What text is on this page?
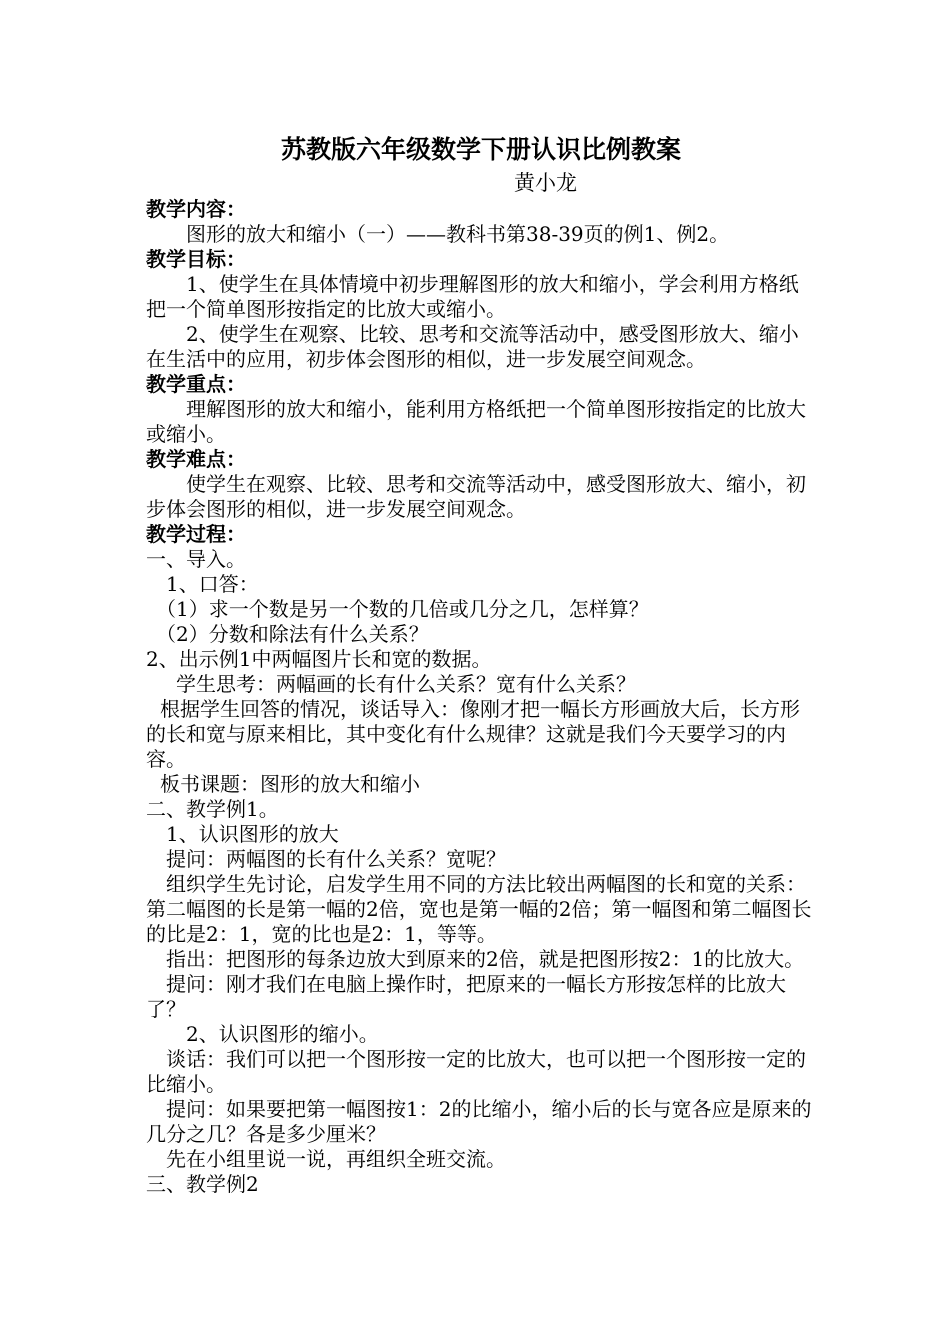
苏教版六年级数学下册认识比例教案
黄小龙
教学内容：
图形的放大和缩小（一）——教科书第38-39页的例1、例2。
教学目标：
1、使学生在具体情境中初步理解图形的放大和缩小，学会利用方格纸把一个简单图形按指定的比放大或缩小。
2、使学生在观察、比较、思考和交流等活动中，感受图形放大、缩小在生活中的应用，初步体会图形的相似，进一步发展空间观念。
教学重点：
理解图形的放大和缩小，能利用方格纸把一个简单图形按指定的比放大或缩小。
教学难点：
使学生在观察、比较、思考和交流等活动中，感受图形放大、缩小，初步体会图形的相似，进一步发展空间观念。
教学过程：
一、导入。
1、口答：
（1）求一个数是另一个数的几倍或几分之几，怎样算？
（2）分数和除法有什么关系？
2、出示例1中两幅图片长和宽的数据。
学生思考：两幅画的长有什么关系？宽有什么关系？
根据学生回答的情况，谈话导入：像刚才把一幅长方形画放大后，长方形的长和宽与原来相比，其中变化有什么规律？这就是我们今天要学习的内容。
板书课题：图形的放大和缩小
二、教学例1。
1、认识图形的放大
提问：两幅图的长有什么关系？宽呢？
组织学生先讨论，启发学生用不同的方法比较出两幅图的长和宽的关系：第二幅图的长是第一幅的2倍，宽也是第一幅的2倍；第一幅图和第二幅图长的比是2：1，宽的比也是2：1，等等。
指出：把图形的每条边放大到原来的2倍，就是把图形按2：1的比放大。
提问：刚才我们在电脑上操作时，把原来的一幅长方形按怎样的比放大了？
2、认识图形的缩小。
谈话：我们可以把一个图形按一定的比放大，也可以把一个图形按一定的比缩小。
提问：如果要把第一幅图按1：2的比缩小，缩小后的长与宽各应是原来的几分之几？各是多少厘米？
先在小组里说一说，再组织全班交流。
三、教学例2
